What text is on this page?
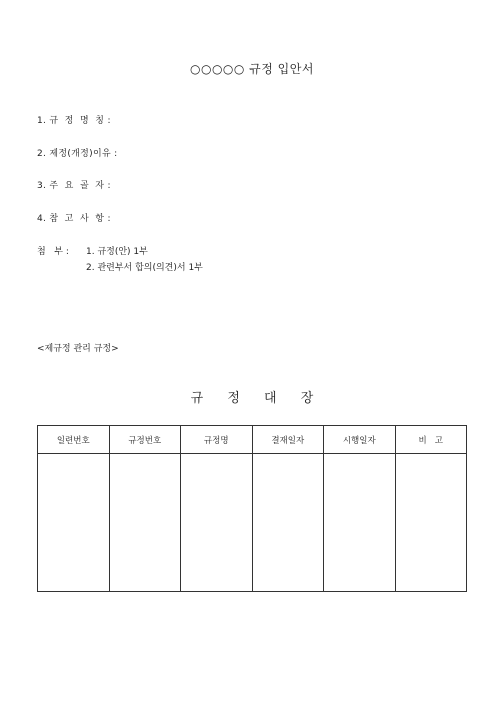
○○○○○ 규정 입안서
1. 규  정  명  칭 :
2. 제정(개정)이유 :
3. 주  요  골  자 :
4. 참  고  사  항 :
첨   부 : 1. 규정(안) 1부
2. 관련부서 합의(의견)서 1부
<제규정 관리 규정>
규 정 대 장
일련번호	규정번호	규정명	결재일자	시행일자	비   고
